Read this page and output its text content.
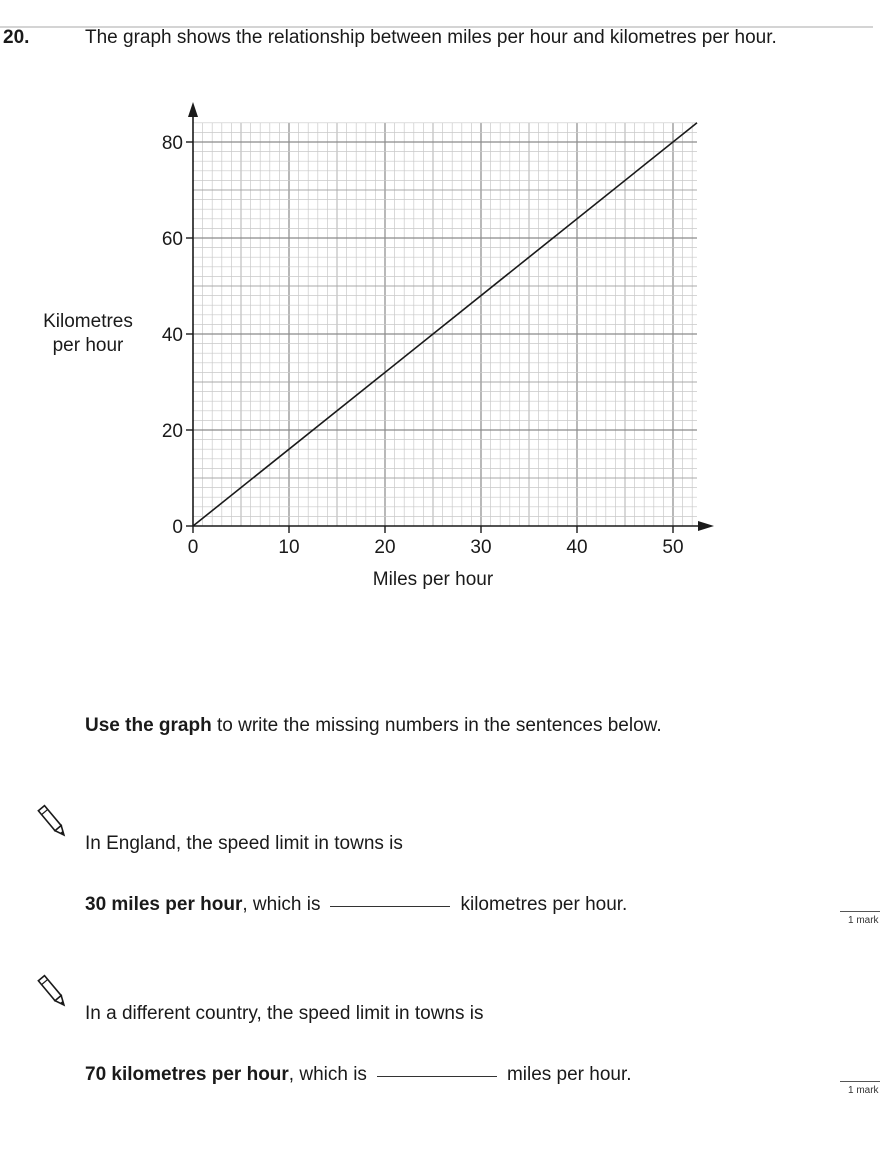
20.	The graph shows the relationship between miles per hour and kilometres per hour.
0	10	20	30	40	50
0
20
40
60
80
Miles per hour
Kilometres
per hour
Use the graph to write the missing numbers in the sentences below.
In England, the speed limit in towns is
30 miles per hour, which is	kilometres per hour.
1 mark
In a different country, the speed limit in towns is
70 kilometres per hour, which is	miles per hour.
1 mark
